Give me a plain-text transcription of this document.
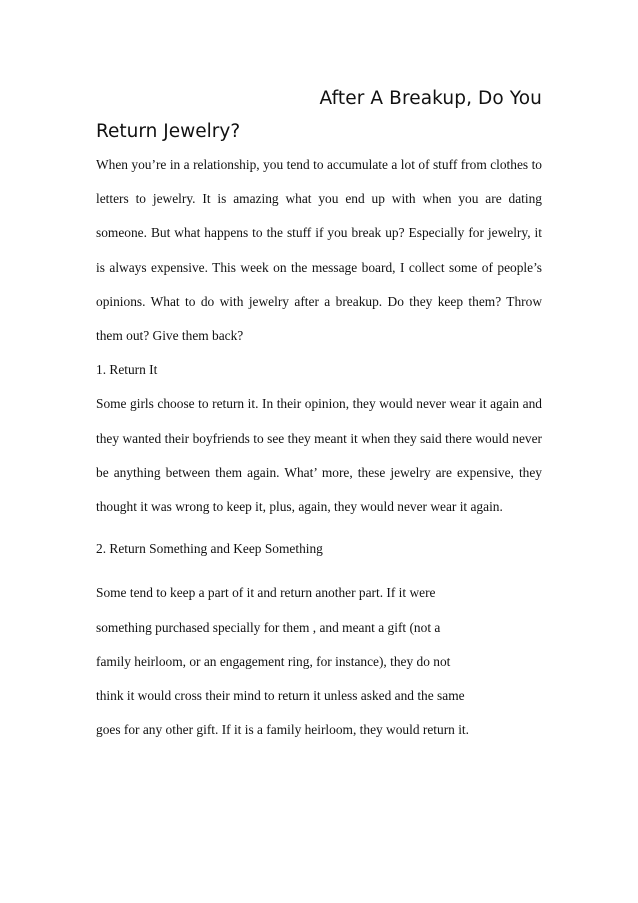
After A Breakup, Do You
Return Jewelry?

When you’re in a relationship, you tend to accumulate a lot of stuff from clothes to letters to jewelry. It is amazing what you end up with when you are dating someone. But what happens to the stuff if you break up? Especially for jewelry, it is always expensive. This week on the message board, I collect some of people’s opinions. What to do with jewelry after a breakup. Do they keep them? Throw them out? Give them back?

1. Return It

Some girls choose to return it. In their opinion, they would never wear it again and they wanted their boyfriends to see they meant it when they said there would never be anything between them again. What’ more, these jewelry are expensive, they thought it was wrong to keep it, plus, again, they would never wear it again.

2. Return Something and Keep Something

Some tend to keep a part of it and return another part. If it were
something purchased specially for them , and meant a gift (not a
family heirloom, or an engagement ring, for instance), they do not
think it would cross their mind to return it unless asked and the same
goes for any other gift. If it is a family heirloom, they would return it.
